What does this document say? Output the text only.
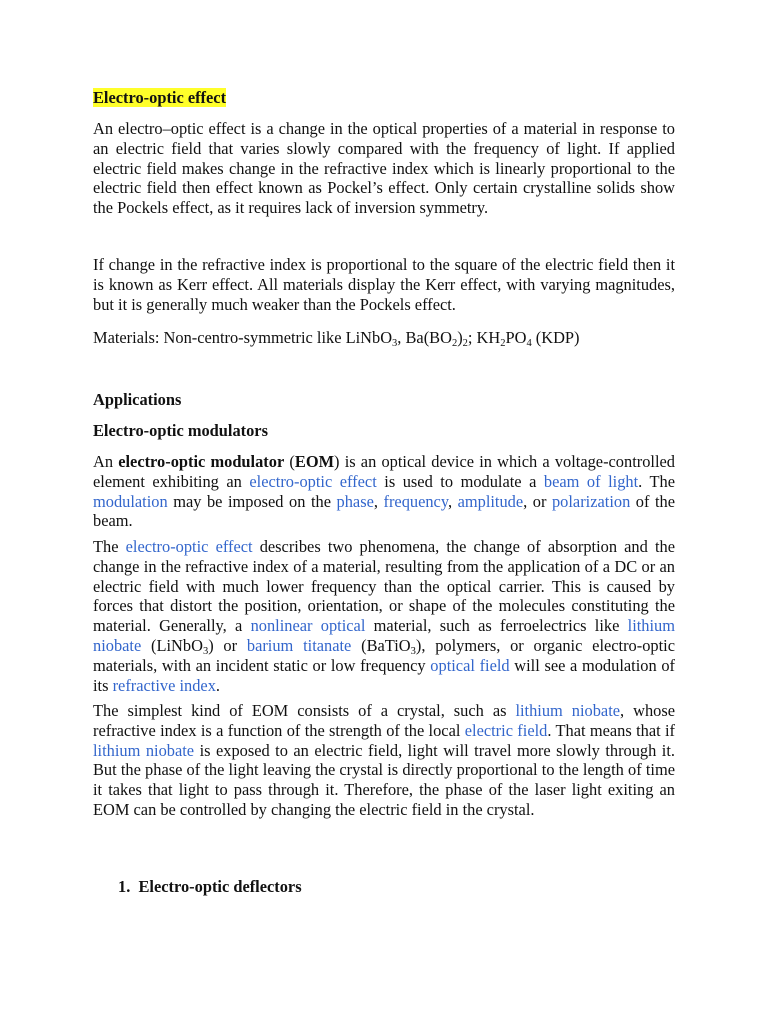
Electro-optic effect

An electro–optic effect is a change in the optical properties of a material in response to an electric field that varies slowly compared with the frequency of light. If applied electric field makes change in the refractive index which is linearly proportional to the electric field then effect known as Pockel’s effect. Only certain crystalline solids show the Pockels effect, as it requires lack of inversion symmetry.

If change in the refractive index is proportional to the square of the electric field then it is known as Kerr effect. All materials display the Kerr effect, with varying magnitudes, but it is generally much weaker than the Pockels effect.

Materials: Non-centro-symmetric like LiNbO$_3$, $Ba(BO_2)_2$; $KH_2PO_4$ (KDP)

Applications

Electro-optic modulators

An electro-optic modulator (EOM) is an optical device in which a voltage-controlled element exhibiting an electro-optic effect is used to modulate a beam of light. The modulation may be imposed on the phase, frequency, amplitude, or polarization of the beam.

The electro-optic effect describes two phenomena, the change of absorption and the change in the refractive index of a material, resulting from the application of a DC or an electric field with much lower frequency than the optical carrier. This is caused by forces that distort the position, orientation, or shape of the molecules constituting the material. Generally, a nonlinear optical material, such as ferroelectrics like lithium niobate (LiNbO$_3$) or barium titanate (BaTiO$_3$), polymers, or organic electro-optic materials, with an incident static or low frequency optical field will see a modulation of its refractive index.

The simplest kind of EOM consists of a crystal, such as lithium niobate, whose refractive index is a function of the strength of the local electric field. That means that if lithium niobate is exposed to an electric field, light will travel more slowly through it. But the phase of the light leaving the crystal is directly proportional to the length of time it takes that light to pass through it. Therefore, the phase of the laser light exiting an EOM can be controlled by changing the electric field in the crystal.

1. Electro-optic deflectors
